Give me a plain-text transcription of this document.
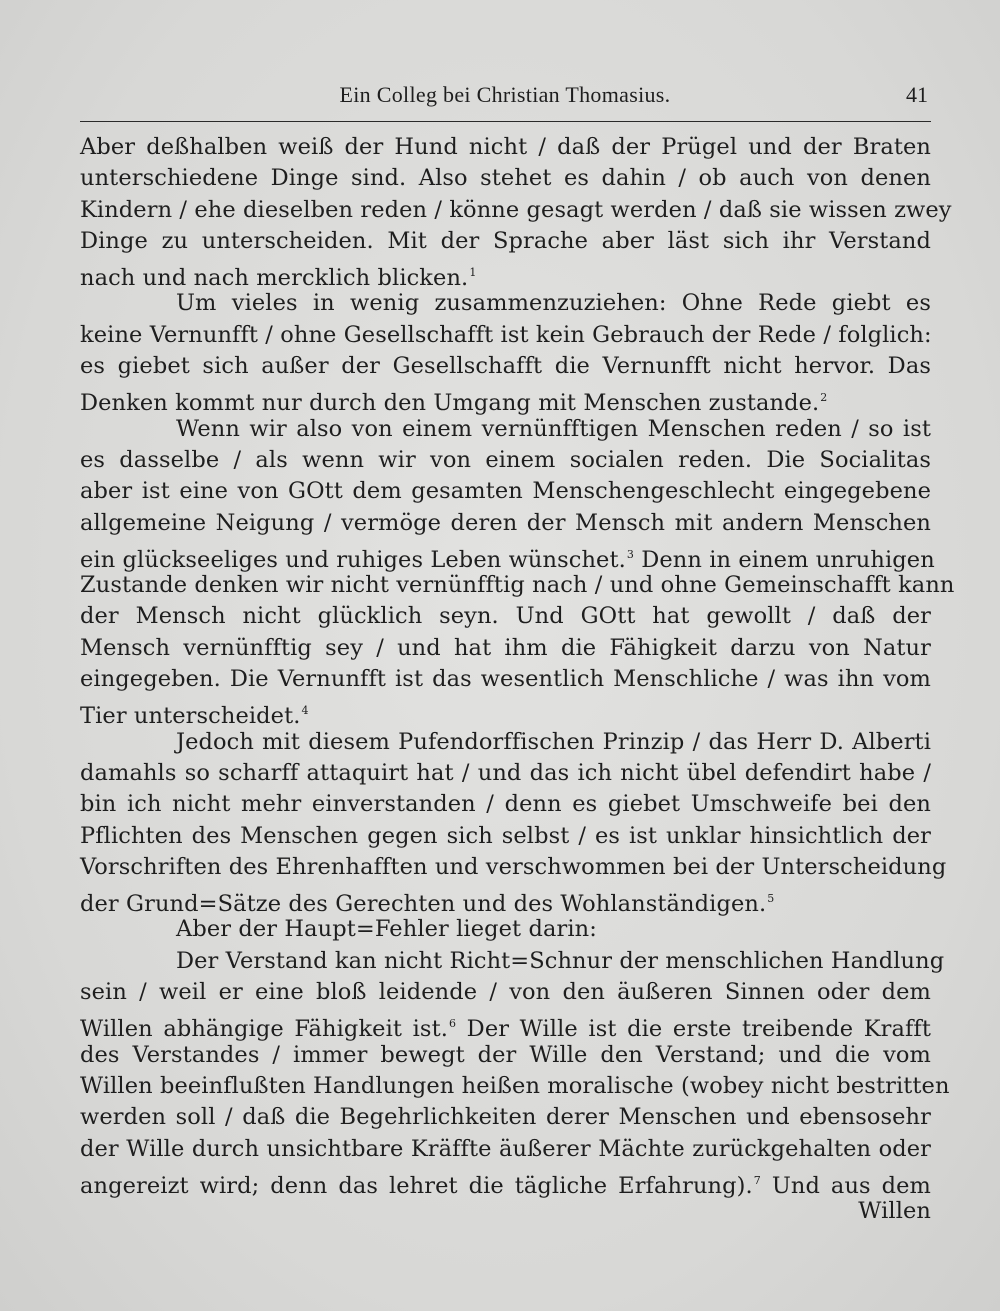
Ein Colleg bei Christian Thomasius.	41
Aber deßhalben weiß der Hund nicht / daß der Prügel und der Braten
unterschiedene Dinge sind. Also stehet es dahin / ob auch von denen
Kindern / ehe dieselben reden / könne gesagt werden / daß sie wissen zwey
Dinge zu unterscheiden. Mit der Sprache aber läst sich ihr Verstand
nach und nach mercklich blicken.$^1$
Um vieles in wenig zusammenzuziehen: Ohne Rede giebt es
keine Vernunfft / ohne Gesellschafft ist kein Gebrauch der Rede / folglich:
es giebet sich außer der Gesellschafft die Vernunfft nicht hervor. Das
Denken kommt nur durch den Umgang mit Menschen zustande.$^2$
Wenn wir also von einem vernünfftigen Menschen reden / so ist
es dasselbe / als wenn wir von einem socialen reden. Die Socialitas
aber ist eine von GOtt dem gesamten Menschengeschlecht eingegebene
allgemeine Neigung / vermöge deren der Mensch mit andern Menschen
ein glückseeliges und ruhiges Leben wünschet.$^3$ Denn in einem unruhigen
Zustande denken wir nicht vernünfftig nach / und ohne Gemeinschafft kann
der Mensch nicht glücklich seyn. Und GOtt hat gewollt / daß der
Mensch vernünfftig sey / und hat ihm die Fähigkeit darzu von Natur
eingegeben. Die Vernunfft ist das wesentlich Menschliche / was ihn vom
Tier unterscheidet.$^4$
Jedoch mit diesem Pufendorffischen Prinzip / das Herr D. Alberti
damahls so scharff attaquirt hat / und das ich nicht übel defendirt habe /
bin ich nicht mehr einverstanden / denn es giebet Umschweife bei den
Pflichten des Menschen gegen sich selbst / es ist unklar hinsichtlich der
Vorschriften des Ehrenhafften und verschwommen bei der Unterscheidung
der Grund=Sätze des Gerechten und des Wohlanständigen.$^5$
Aber der Haupt=Fehler lieget darin:
Der Verstand kan nicht Richt=Schnur der menschlichen Handlung
sein / weil er eine bloß leidende / von den äußeren Sinnen oder dem
Willen abhängige Fähigkeit ist.$^6$ Der Wille ist die erste treibende Krafft
des Verstandes / immer bewegt der Wille den Verstand; und die vom
Willen beeinflußten Handlungen heißen moralische (wobey nicht bestritten
werden soll / daß die Begehrlichkeiten derer Menschen und ebensosehr
der Wille durch unsichtbare Kräffte äußerer Mächte zurückgehalten oder
angereizt wird; denn das lehret die tägliche Erfahrung).$^7$ Und aus dem
Willen
